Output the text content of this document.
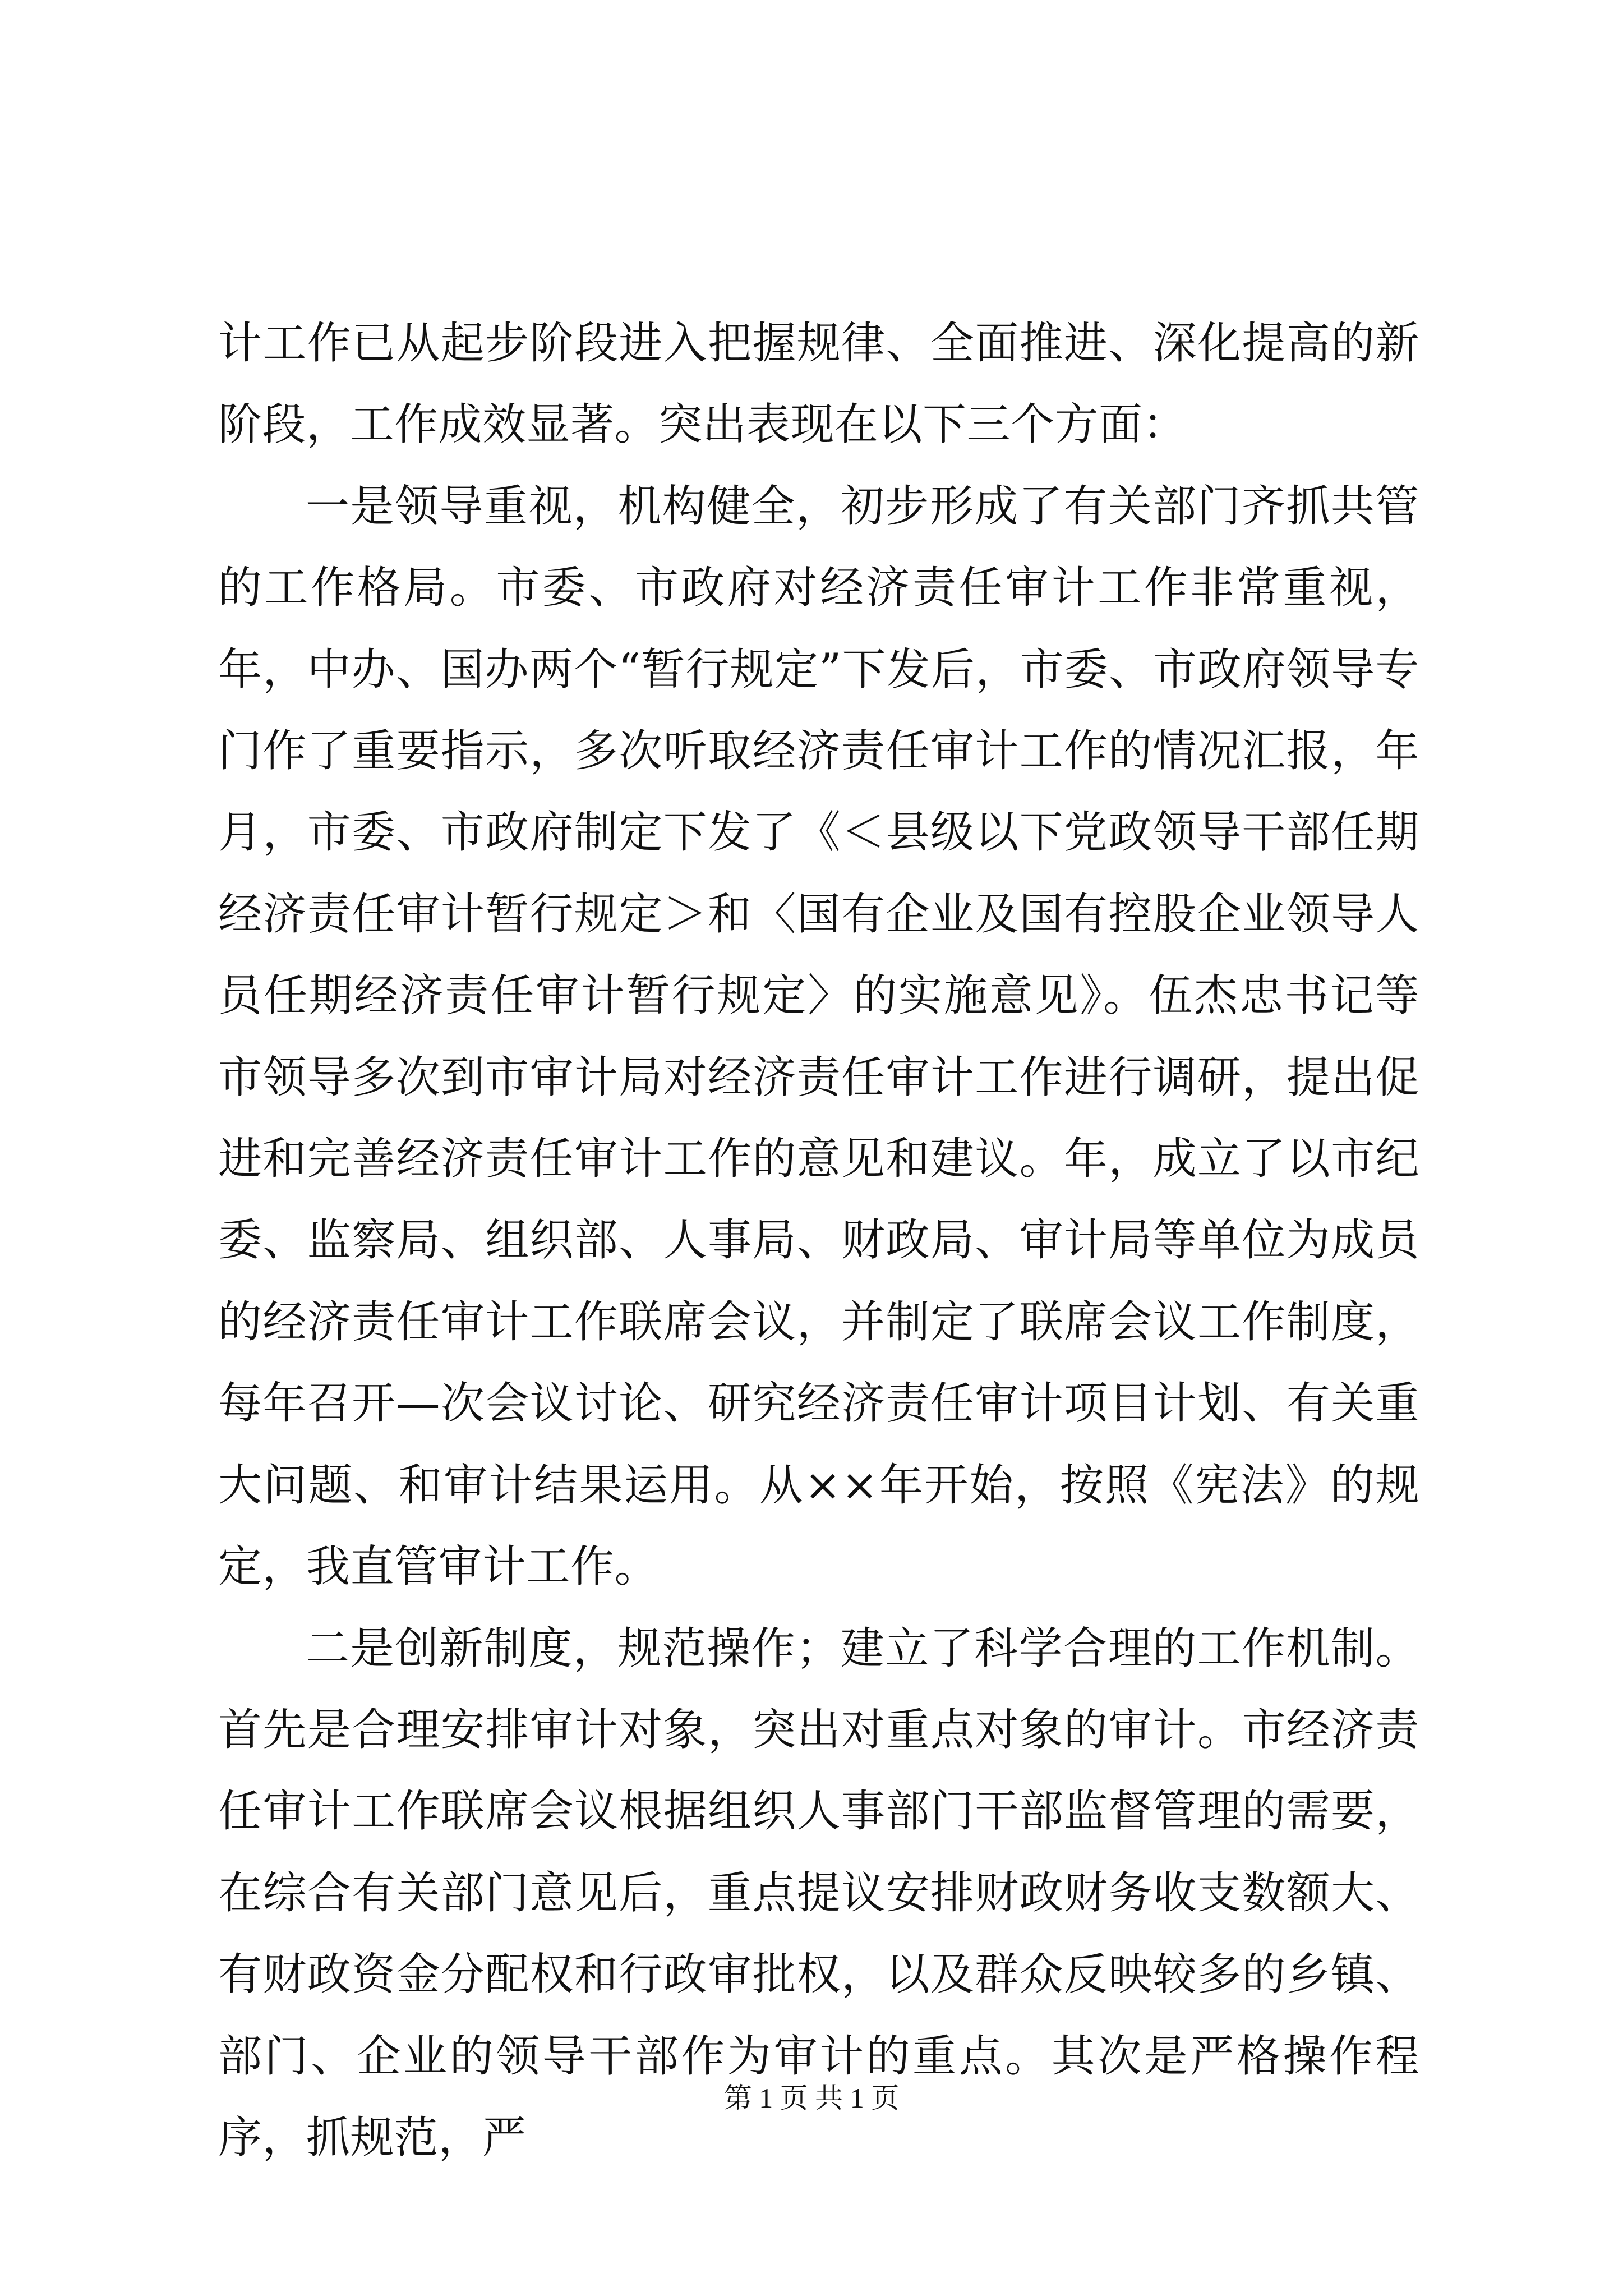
计工作已从起步阶段进入把握规律、全面推进、深化提高的新阶段，工作成效显著。突出表现在以下三个方面：

一是领导重视，机构健全，初步形成了有关部门齐抓共管的工作格局。市委、市政府对经济责任审计工作非常重视，年，中办、国办两个“暂行规定”下发后，市委、市政府领导专门作了重要指示，多次听取经济责任审计工作的情况汇报，年月，市委、市政府制定下发了《＜县级以下党政领导干部任期经济责任审计暂行规定＞和〈国有企业及国有控股企业领导人员任期经济责任审计暂行规定〉的实施意见》。伍杰忠书记等市领导多次到市审计局对经济责任审计工作进行调研，提出促进和完善经济责任审计工作的意见和建议。年，成立了以市纪委、监察局、组织部、人事局、财政局、审计局等单位为成员的经济责任审计工作联席会议，并制定了联席会议工作制度，每年召开—次会议讨论、研究经济责任审计项目计划、有关重大问题、和审计结果运用。从××年开始，按照《宪法》的规定，我直管审计工作。

二是创新制度，规范操作；建立了科学合理的工作机制。首先是合理安排审计对象，突出对重点对象的审计。市经济责任审计工作联席会议根据组织人事部门干部监督管理的需要，在综合有关部门意见后，重点提议安排财政财务收支数额大、有财政资金分配权和行政审批权，以及群众反映较多的乡镇、部门、企业的领导干部作为审计的重点。其次是严格操作程序，抓规范，严

第 1 页 共 1 页
